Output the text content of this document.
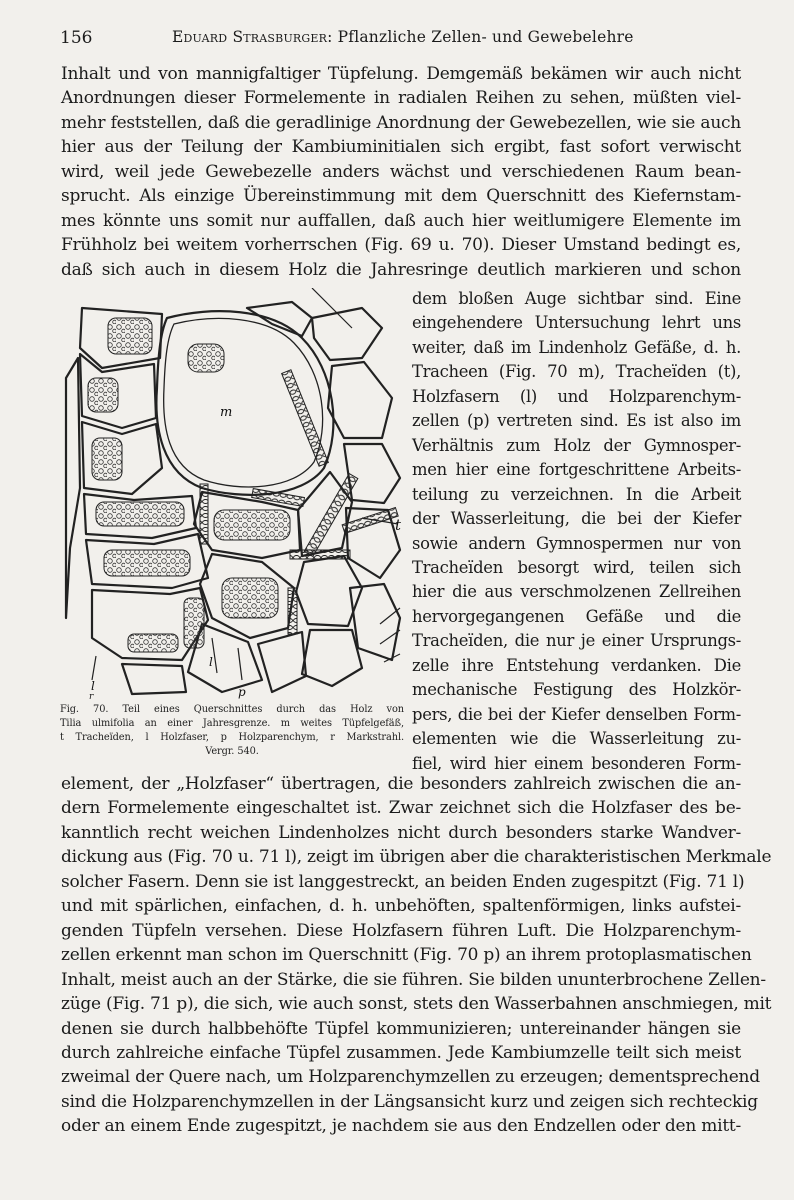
156	Eduard Strasburger: Pflanzliche Zellen- und Gewebelehre
Inhalt und von mannigfaltiger Tüpfelung. Demgemäß bekämen wir auch nicht
Anordnungen dieser Formelemente in radialen Reihen zu sehen, müßten viel-
mehr feststellen, daß die geradlinige Anordnung der Gewebezellen, wie sie auch
hier aus der Teilung der Kambiuminitialen sich ergibt, fast sofort verwischt
wird, weil jede Gewebezelle anders wächst und verschiedenen Raum bean-
sprucht. Als einzige Übereinstimmung mit dem Querschnitt des Kiefernstam-
mes könnte uns somit nur auffallen, daß auch hier weitlumigere Elemente im
Frühholz bei weitem vorherrschen (Fig. 69 u. 70). Dieser Umstand bedingt es,
daß sich auch in diesem Holz die Jahresringe deutlich markieren und schon
dem bloßen Auge sichtbar sind. Eine
eingehendere Untersuchung lehrt uns
weiter, daß im Lindenholz Gefäße, d. h.
Tracheen (Fig. 70 m), Tracheïden (t),
Holzfasern (l) und Holzparenchym-
zellen (p) vertreten sind. Es ist also im
Verhältnis zum Holz der Gymnosper-
men hier eine fortgeschrittene Arbeits-
teilung zu verzeichnen. In die Arbeit
der Wasserleitung, die bei der Kiefer
sowie andern Gymnospermen nur von
Tracheïden besorgt wird, teilen sich
hier die aus verschmolzenen Zellreihen
hervorgegangenen Gefäße und die
Tracheïden, die nur je einer Ursprungs-
zelle ihre Entstehung verdanken. Die
mechanische Festigung des Holzkör-
pers, die bei der Kiefer denselben Form-
elementen wie die Wasserleitung zu-
fiel, wird hier einem besonderen Form-
element, der „Holzfaser“ übertragen, die besonders zahlreich zwischen die an-
dern Formelemente eingeschaltet ist. Zwar zeichnet sich die Holzfaser des be-
kanntlich recht weichen Lindenholzes nicht durch besonders starke Wandver-
dickung aus (Fig. 70 u. 71 l), zeigt im übrigen aber die charakteristischen Merkmale
solcher Fasern. Denn sie ist langgestreckt, an beiden Enden zugespitzt (Fig. 71 l)
und mit spärlichen, einfachen, d. h. unbehöften, spaltenförmigen, links aufstei-
genden Tüpfeln versehen. Diese Holzfasern führen Luft. Die Holzparenchym-
zellen erkennt man schon im Querschnitt (Fig. 70 p) an ihrem protoplasmatischen
Inhalt, meist auch an der Stärke, die sie führen. Sie bilden ununterbrochene Zellen-
züge (Fig. 71 p), die sich, wie auch sonst, stets den Wasserbahnen anschmiegen, mit
denen sie durch halbbehöfte Tüpfel kommunizieren; untereinander hängen sie
durch zahlreiche einfache Tüpfel zusammen. Jede Kambiumzelle teilt sich meist
zweimal der Quere nach, um Holzparenchymzellen zu erzeugen; dementsprechend
sind die Holzparenchymzellen in der Längsansicht kurz und zeigen sich rechteckig
oder an einem Ende zugespitzt, je nachdem sie aus den Endzellen oder den mitt-
m
t
l
r
l
p
Fig. 70. Teil eines Querschnittes durch das Holz von
Tilia ulmifolia an einer Jahresgrenze. m weites Tüpfelgefäß,
t Tracheïden, l Holzfaser, p Holzparenchym, r Markstrahl.
Vergr. 540.
